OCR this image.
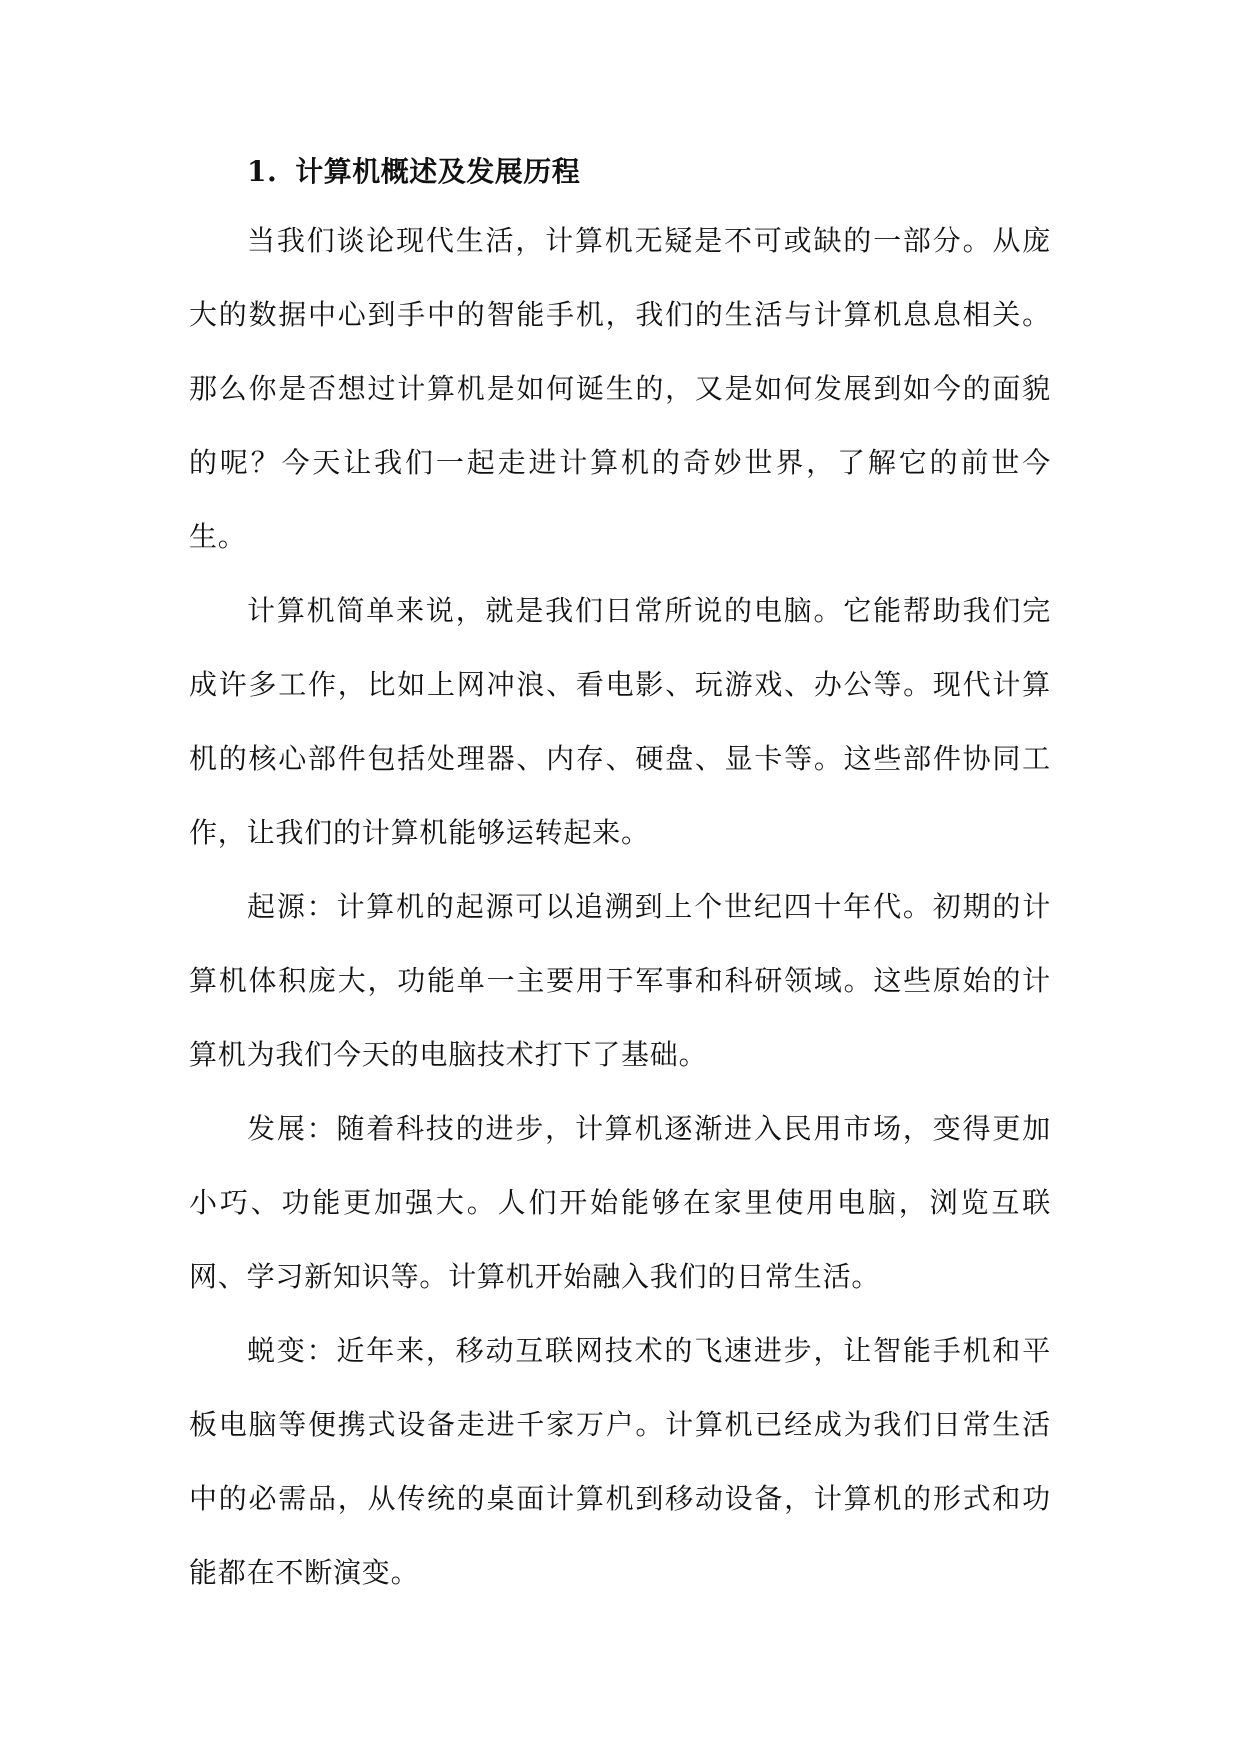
1. 计算机概述及发展历程

当我们谈论现代生活，计算机无疑是不可或缺的一部分。从庞大的数据中心到手中的智能手机，我们的生活与计算机息息相关。那么你是否想过计算机是如何诞生的，又是如何发展到如今的面貌的呢？今天让我们一起走进计算机的奇妙世界，了解它的前世今生。

计算机简单来说，就是我们日常所说的电脑。它能帮助我们完成许多工作，比如上网冲浪、看电影、玩游戏、办公等。现代计算机的核心部件包括处理器、内存、硬盘、显卡等。这些部件协同工作，让我们的计算机能够运转起来。

起源：计算机的起源可以追溯到上个世纪四十年代。初期的计算机体积庞大，功能单一主要用于军事和科研领域。这些原始的计算机为我们今天的电脑技术打下了基础。

发展：随着科技的进步，计算机逐渐进入民用市场，变得更加小巧、功能更加强大。人们开始能够在家里使用电脑，浏览互联网、学习新知识等。计算机开始融入我们的日常生活。

蜕变：近年来，移动互联网技术的飞速进步，让智能手机和平板电脑等便携式设备走进千家万户。计算机已经成为我们日常生活中的必需品，从传统的桌面计算机到移动设备，计算机的形式和功能都在不断演变。
